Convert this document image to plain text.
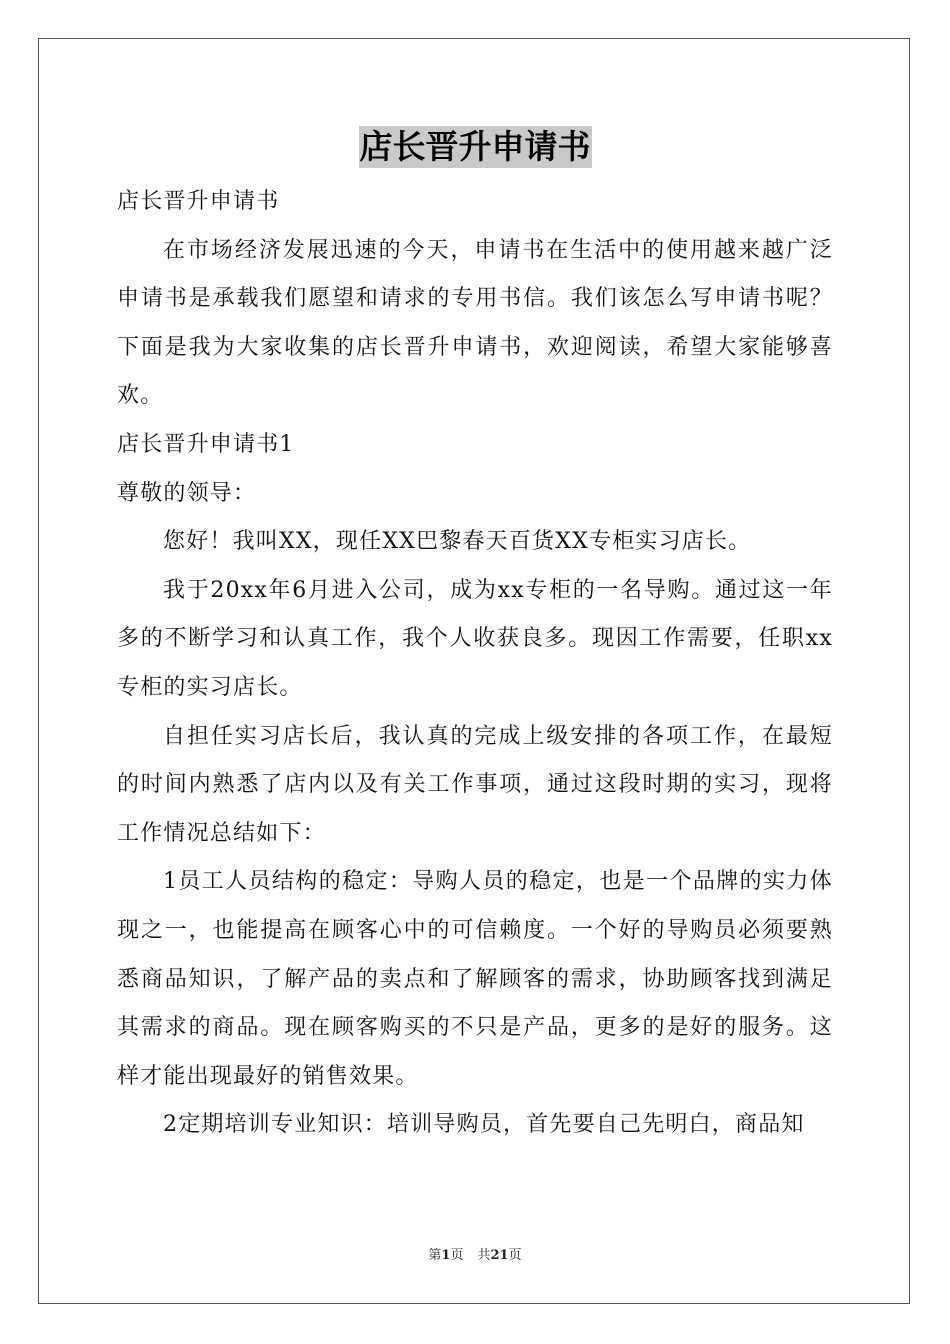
店长晋升申请书

店长晋升申请书

在市场经济发展迅速的今天，申请书在生活中的使用越来越广泛申请书是承载我们愿望和请求的专用书信。我们该怎么写申请书呢？下面是我为大家收集的店长晋升申请书，欢迎阅读，希望大家能够喜欢。

店长晋升申请书1

尊敬的领导：

您好！我叫XX，现任XX巴黎春天百货XX专柜实习店长。

我于20xx年6月进入公司，成为xx专柜的一名导购。通过这一年多的不断学习和认真工作，我个人收获良多。现因工作需要，任职xx专柜的实习店长。

自担任实习店长后，我认真的完成上级安排的各项工作，在最短的时间内熟悉了店内以及有关工作事项，通过这段时期的实习，现将工作情况总结如下：

1员工人员结构的稳定：导购人员的稳定，也是一个品牌的实力体现之一，也能提高在顾客心中的可信赖度。一个好的导购员必须要熟悉商品知识，了解产品的卖点和了解顾客的需求，协助顾客找到满足其需求的商品。现在顾客购买的不只是产品，更多的是好的服务。这样才能出现最好的销售效果。

2定期培训专业知识：培训导购员，首先要自己先明白，商品知

第1页 共21页
